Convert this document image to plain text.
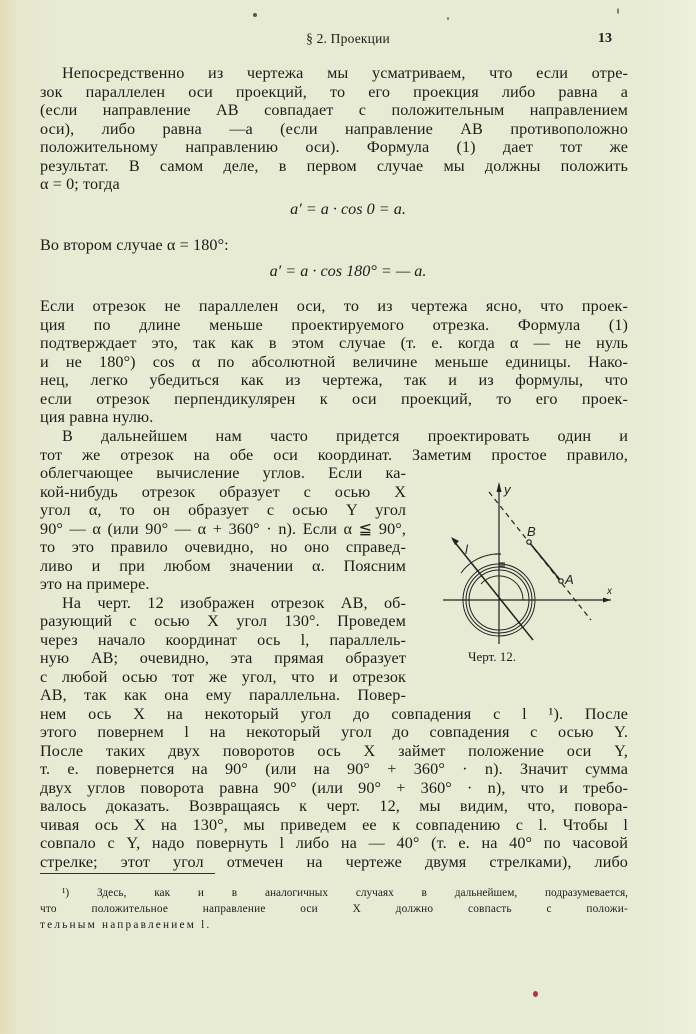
§ 2. Проекции	13
Непосредственно из чертежа мы усматриваем, что если отре-
зок параллелен оси проекций, то его проекция либо равна a
(если направление AB совпадает с положительным направлением
оси), либо равна —a (если направление AB противоположно
положительному направлению оси). Формула (1) дает тот же
результат. В самом деле, в первом случае мы должны положить
α = 0; тогда
a′ = a · cos 0 = a.
Во втором случае α = 180°:
a′ = a · cos 180° = — a.
Если отрезок не параллелен оси, то из чертежа ясно, что проек-
ция по длине меньше проектируемого отрезка. Формула (1)
подтверждает это, так как в этом случае (т. е. когда α — не нуль
и не 180°) cos α по абсолютной величине меньше единицы. Нако-
нец, легко убедиться как из чертежа, так и из формулы, что
если отрезок перпендикулярен к оси проекций, то его проек-
ция равна нулю.
В дальнейшем нам часто придется проектировать один и
тот же отрезок на обе оси координат. Заметим простое правило,
облегчающее вычисление углов. Если ка-
кой-нибудь отрезок образует с осью X
угол α, то он образует с осью Y угол
90° — α (или 90° — α + 360° · n). Если α ≦ 90°,
то это правило очевидно, но оно справед-
ливо и при любом значении α. Поясним
это на примере.
На черт. 12 изображен отрезок AB, об-
разующий с осью X угол 130°. Проведем
через начало координат ось l, параллель-
ную AB; очевидно, эта прямая образует
с любой осью тот же угол, что и отрезок
AB, так как она ему параллельна. Повер-
нем ось X на некоторый угол до совпадения с l ¹). После
этого повернем l на некоторый угол до совпадения с осью Y.
После таких двух поворотов ось X займет положение оси Y,
т. е. повернется на 90° (или на 90° + 360° · n). Значит сумма
двух углов поворота равна 90° (или 90° + 360° · n), что и требо-
валось доказать. Возвращаясь к черт. 12, мы видим, что, повора-
чивая ось X на 130°, мы приведем ее к совпадению с l. Чтобы l
совпало с Y, надо повернуть l либо на — 40° (т. е. на 40° по часовой
стрелке; этот угол отмечен на чертеже двумя стрелками), либо
y
x
l
B
A
Черт. 12.
¹) Здесь, как и в аналогичных случаях в дальнейшем, подразумевается,
что положительное направление оси X должно совпасть с положи-
тельным направлением l.
